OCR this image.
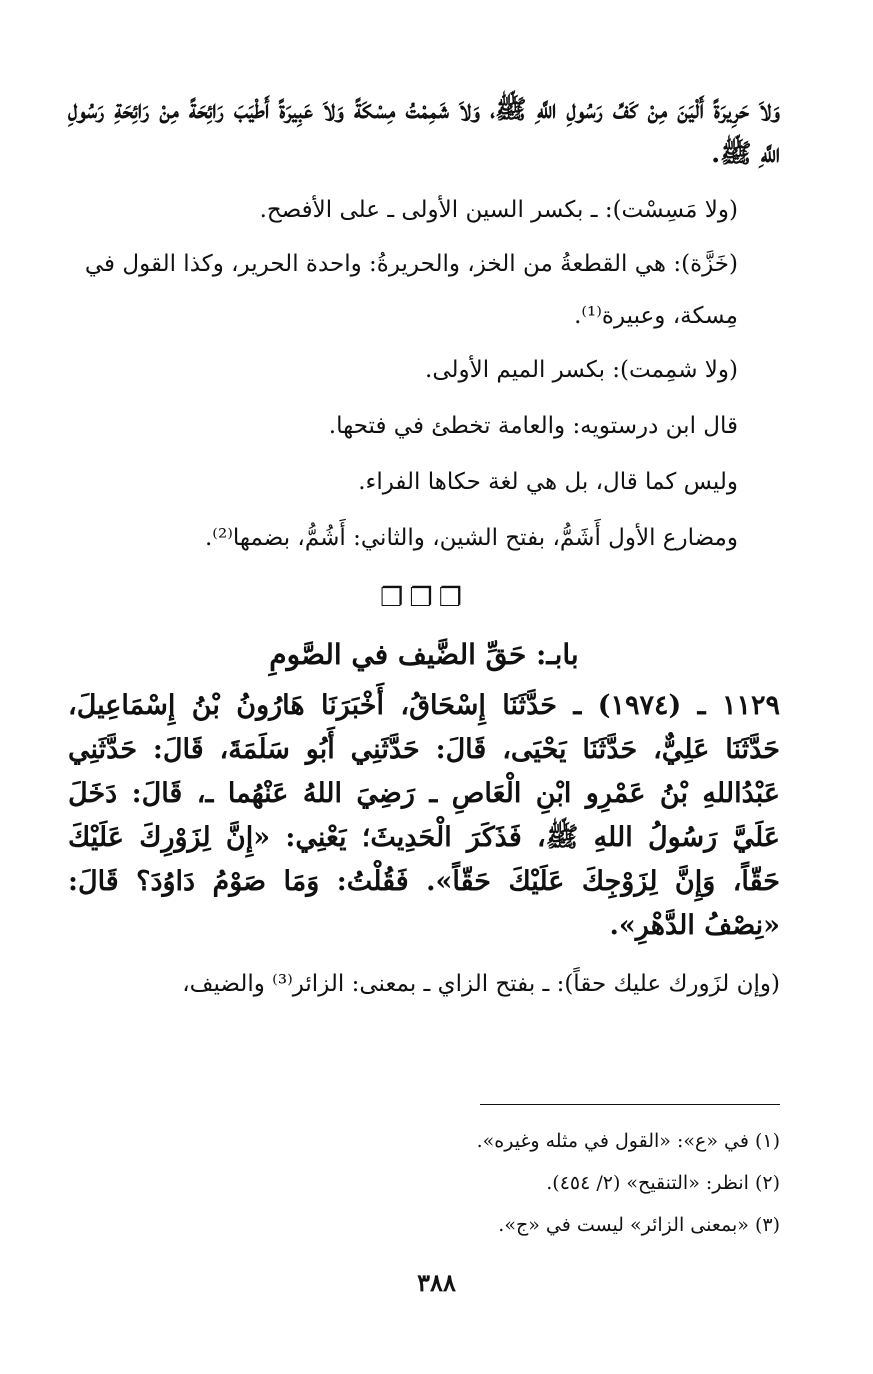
وَلاَ حَرِيرَةً أَلْيَنَ مِنْ كَفِّ رَسُولِ اللَّهِ ﷺ، وَلاَ شَمِمْتُ مِسْكَةً وَلاَ عَبِيرَةً أَطْيَبَ رَائِحَةً مِنْ رَائِحَةِ رَسُولِ اللَّهِ ﷺ.

(ولا مَسِسْت): ـ بكسر السين الأولى ـ على الأفصح.

(خَزَّة): هي القطعةُ من الخز، والحريرةُ: واحدة الحرير، وكذا القول في مِسكة، وعبيرة⁽¹⁾.

(ولا شمِمت): بكسر الميم الأولى.

قال ابن درستويه: والعامة تخطئ في فتحها.

وليس كما قال، بل هي لغة حكاها الفراء.

ومضارع الأول أَشَمُّ، بفتح الشين، والثاني: أَشُمُّ، بضمها⁽²⁾.

❐❐❐

بابـ: حَقِّ الضَّيف في الصَّومِ

١١٢٩ ـ (١٩٧٤) ـ حَدَّثَنَا إِسْحَاقُ، أَخْبَرَنَا هَارُونُ بْنُ إِسْمَاعِيلَ، حَدَّثَنَا عَلِيٌّ، حَدَّثَنَا يَحْيَى، قَالَ: حَدَّثَنِي أَبُو سَلَمَةَ، قَالَ: حَدَّثَنِي عَبْدُاللهِ بْنُ عَمْرِو ابْنِ الْعَاصِ ـ رَضِيَ اللهُ عَنْهُما ـ، قَالَ: دَخَلَ عَلَيَّ رَسُولُ اللهِ ﷺ، فَذَكَرَ الْحَدِيثَ؛ يَعْنِي: «إِنَّ لِزَوْرِكَ عَلَيْكَ حَقّاً، وَإِنَّ لِزَوْجِكَ عَلَيْكَ حَقّاً». فَقُلْتُ: وَمَا صَوْمُ دَاوُدَ؟ قَالَ: «نِصْفُ الدَّهْرِ».

(وإن لزَورك عليك حقاً): ـ بفتح الزاي ـ بمعنى: الزائر⁽³⁾ والضيف،

(١) في «ع»: «القول في مثله وغيره».

(٢) انظر: «التنقيح» (٢/ ٤٥٤).

(٣) «بمعنى الزائر» ليست في «ج».

٣٨٨
